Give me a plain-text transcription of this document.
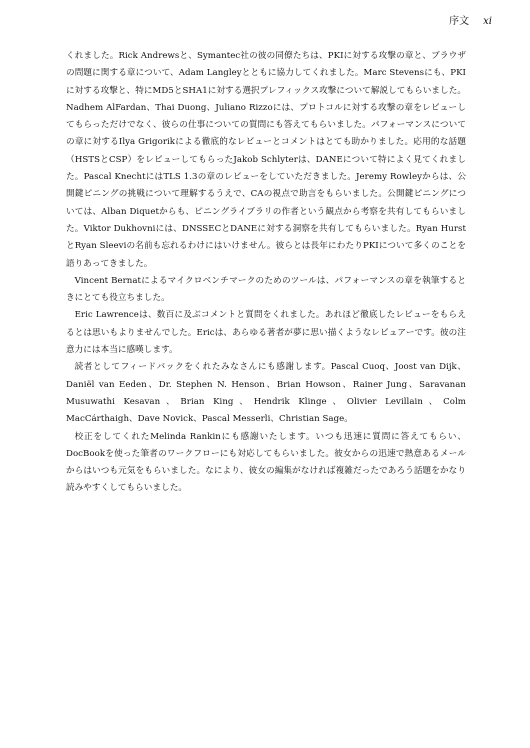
序文 xi

くれました。Rick Andrewsと、Symantec社の彼の同僚たちは、PKIに対する攻撃の章と、ブラウザの問題に関する章について、Adam Langleyとともに協力してくれました。Marc Stevensにも、PKIに対する攻撃と、特にMD5とSHA1に対する選択プレフィックス攻撃について解説してもらいました。Nadhem AlFardan、Thai Duong、Juliano Rizzoには、プロトコルに対する攻撃の章をレビューしてもらっただけでなく、彼らの仕事についての質問にも答えてもらいました。パフォーマンスについての章に対するIlya Grigorikによる徹底的なレビューとコメントはとても助かりました。応用的な話題（HSTSとCSP）をレビューしてもらったJakob Schlyterは、DANEについて特によく見てくれました。Pascal KnechtにはTLS 1.3の章のレビューをしていただきました。Jeremy Rowleyからは、公開鍵ピニングの挑戦について理解するうえで、CAの視点で助言をもらいました。公開鍵ピニングについては、Alban Diquetからも、ピニングライブラリの作者という観点から考察を共有してもらいました。Viktor Dukhovniには、DNSSECとDANEに対する洞察を共有してもらいました。Ryan HurstとRyan Sleeviの名前も忘れるわけにはいけません。彼らとは長年にわたりPKIについて多くのことを語りあってきました。

Vincent Bernatによるマイクロベンチマークのためのツールは、パフォーマンスの章を執筆するときにとても役立ちました。

Eric Lawrenceは、数百に及ぶコメントと質問をくれました。あれほど徹底したレビューをもらえるとは思いもよりませんでした。Ericは、あらゆる著者が夢に思い描くようなレビュアーです。彼の注意力には本当に感嘆します。

読者としてフィードバックをくれたみなさんにも感謝します。Pascal Cuoq、Joost van Dijk、Daniël van Eeden、Dr. Stephen N. Henson、Brian Howson、Rainer Jung、Saravanan Musuwathi Kesavan、Brian King、Hendrik Klinge、Olivier Levillain、Colm MacCárthaigh、Dave Novick、Pascal Messerli、Christian Sage。

校正をしてくれたMelinda Rankinにも感謝いたします。いつも迅速に質問に答えてもらい、DocBookを使った筆者のワークフローにも対応してもらいました。彼女からの迅速で熱意あるメールからはいつも元気をもらいました。なにより、彼女の編集がなければ複雑だったであろう話題をかなり読みやすくしてもらいました。
